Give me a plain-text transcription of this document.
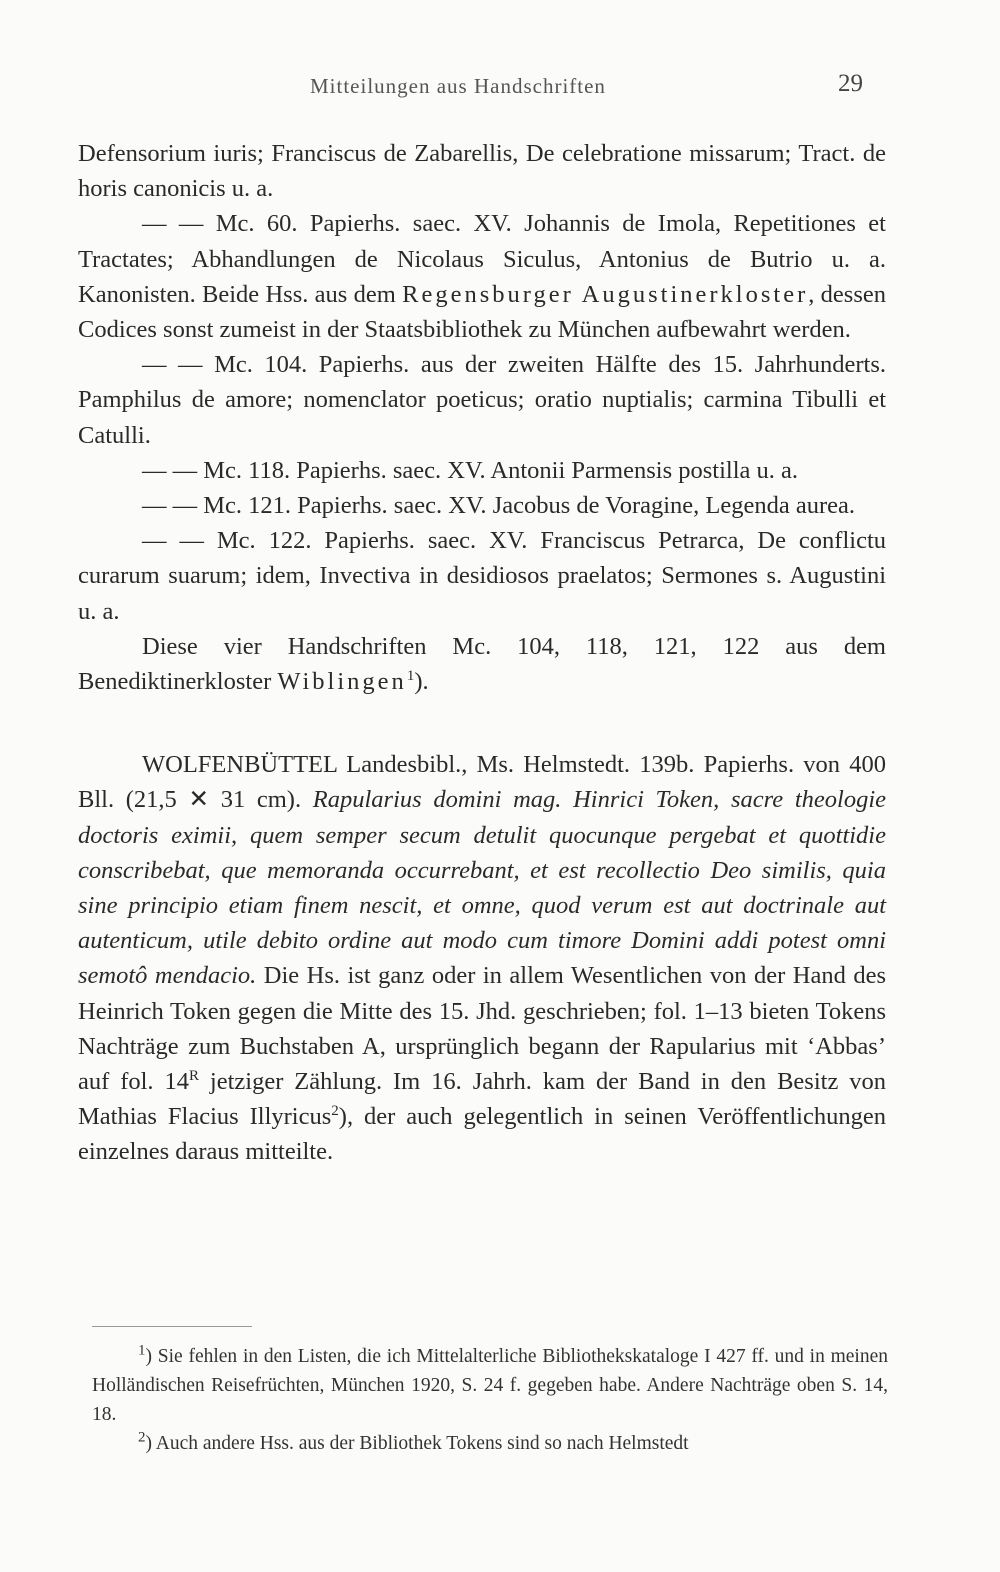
Mitteilungen aus Handschriften	29

Defensorium iuris; Franciscus de Zabarellis, De celebratione missarum; Tract. de horis canonicis u. a.

— — Mc. 60. Papierhs. saec. XV. Johannis de Imola, Repetitiones et Tractates; Abhandlungen de Nicolaus Siculus, Antonius de Butrio u. a. Kanonisten. Beide Hss. aus dem Regensburger Augustinerkloster, dessen Codices sonst zumeist in der Staatsbibliothek zu München aufbewahrt werden.

— — Mc. 104. Papierhs. aus der zweiten Hälfte des 15. Jahrhunderts. Pamphilus de amore; nomenclator poeticus; oratio nuptialis; carmina Tibulli et Catulli.

— — Mc. 118. Papierhs. saec. XV. Antonii Parmensis postilla u. a.

— — Mc. 121. Papierhs. saec. XV. Jacobus de Voragine, Legenda aurea.

— — Mc. 122. Papierhs. saec. XV. Franciscus Petrarca, De conflictu curarum suarum; idem, Invectiva in desidiosos praelatos; Sermones s. Augustini u. a.

Diese vier Handschriften Mc. 104, 118, 121, 122 aus dem Benediktinerkloster Wiblingen$^1$).

WOLFENBÜTTEL Landesbibl., Ms. Helmstedt. 139b. Papierhs. von 400 Bll. (21,5 ✕ 31 cm). Rapularius domini mag. Hinrici Token, sacre theologie doctoris eximii, quem semper secum detulit quocunque pergebat et quottidie conscribebat, que memoranda occurrebant, et est recollectio Deo similis, quia sine principio etiam finem nescit, et omne, quod verum est aut doctrinale aut autenticum, utile debito ordine aut modo cum timore Domini addi potest omni semotô mendacio. Die Hs. ist ganz oder in allem Wesentlichen von der Hand des Heinrich Token gegen die Mitte des 15. Jhd. geschrieben; fol. 1–13 bieten Tokens Nachträge zum Buchstaben A, ursprünglich begann der Rapularius mit ‘Abbas’ auf fol. $14^R$ jetziger Zählung. Im 16. Jahrh. kam der Band in den Besitz von Mathias Flacius Illyricus$^2$), der auch gelegentlich in seinen Veröffentlichungen einzelnes daraus mitteilte.

$^1$) Sie fehlen in den Listen, die ich Mittelalterliche Bibliothekskataloge I 427 ff. und in meinen Holländischen Reisefrüchten, München 1920, S. 24 f. gegeben habe. Andere Nachträge oben S. 14, 18.

$^2$) Auch andere Hss. aus der Bibliothek Tokens sind so nach Helmstedt
